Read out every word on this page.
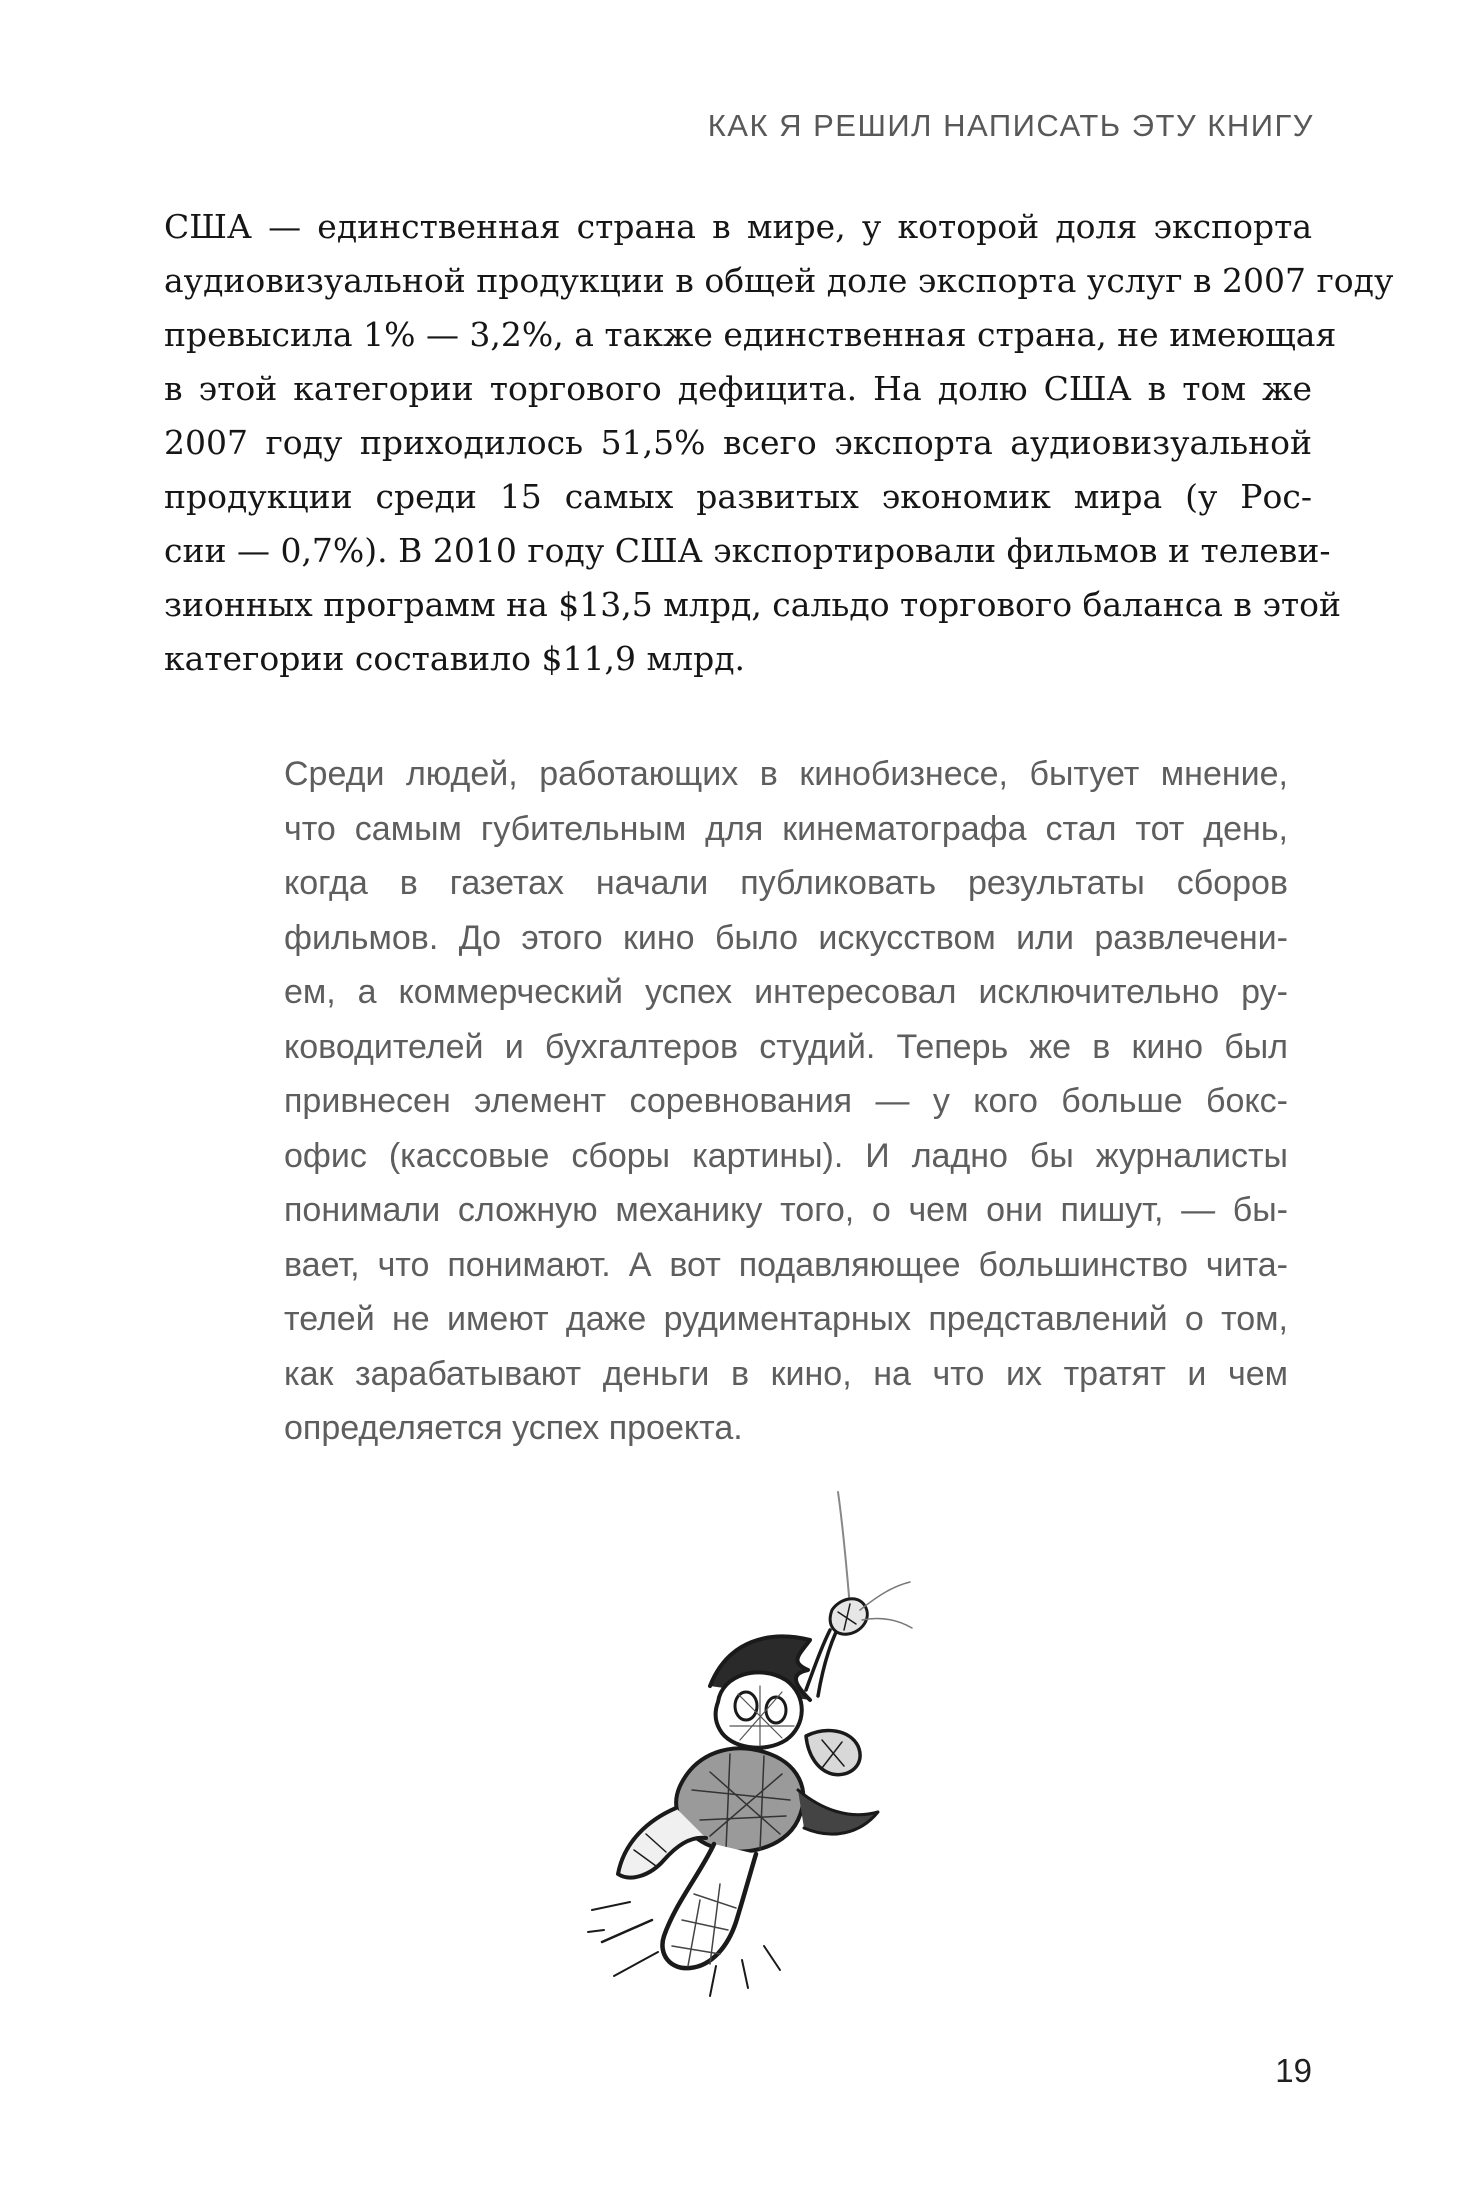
КАК Я РЕШИЛ НАПИСАТЬ ЭТУ КНИГУ
США — единственная страна в мире, у которой доля экспорта
аудиовизуальной продукции в общей доле экспорта услуг в 2007 году
превысила 1% — 3,2%, а также единственная страна, не имеющая
в этой категории торгового дефицита. На долю США в том же
2007 году приходилось 51,5% всего экспорта аудиовизуальной
продукции среди 15 самых развитых экономик мира (у Рос-
сии — 0,7%). В 2010 году США экспортировали фильмов и телеви-
зионных программ на $13,5 млрд, сальдо торгового баланса в этой
категории составило $11,9 млрд.
Среди людей, работающих в кинобизнесе, бытует мнение,
что самым губительным для кинематографа стал тот день,
когда в газетах начали публиковать результаты сборов
фильмов. До этого кино было искусством или развлечени-
ем, а коммерческий успех интересовал исключительно ру-
ководителей и бухгалтеров студий. Теперь же в кино был
привнесен элемент соревнования — у кого больше бокс-
офис (кассовые сборы картины). И ладно бы журналисты
понимали сложную механику того, о чем они пишут, — бы-
вает, что понимают. А вот подавляющее большинство чита-
телей не имеют даже рудиментарных представлений о том,
как зарабатывают деньги в кино, на что их тратят и чем
определяется успех проекта.
19
